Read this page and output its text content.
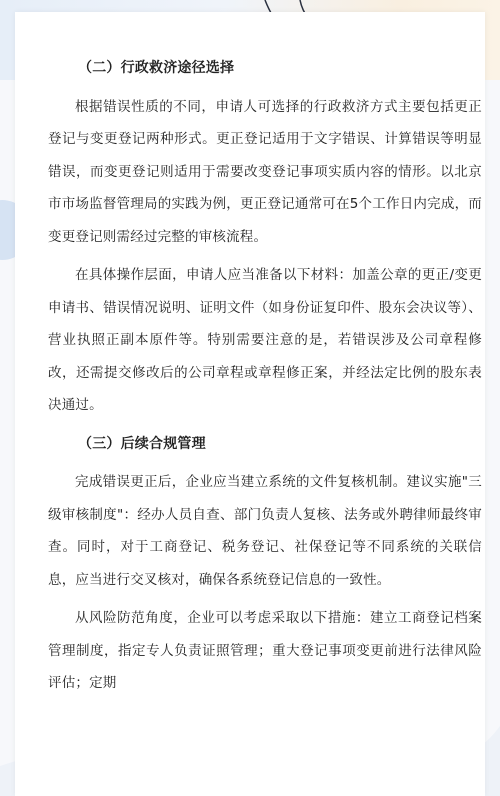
（二）行政救济途径选择

根据错误性质的不同，申请人可选择的行政救济方式主要包括更正登记与变更登记两种形式。更正登记适用于文字错误、计算错误等明显错误，而变更登记则适用于需要改变登记事项实质内容的情形。以北京市市场监督管理局的实践为例，更正登记通常可在5个工作日内完成，而变更登记则需经过完整的审核流程。

在具体操作层面，申请人应当准备以下材料：加盖公章的更正/变更申请书、错误情况说明、证明文件（如身份证复印件、股东会决议等）、营业执照正副本原件等。特别需要注意的是，若错误涉及公司章程修改，还需提交修改后的公司章程或章程修正案，并经法定比例的股东表决通过。

（三）后续合规管理

完成错误更正后，企业应当建立系统的文件复核机制。建议实施"三级审核制度"：经办人员自查、部门负责人复核、法务或外聘律师最终审查。同时，对于工商登记、税务登记、社保登记等不同系统的关联信息，应当进行交叉核对，确保各系统登记信息的一致性。

从风险防范角度，企业可以考虑采取以下措施：建立工商登记档案管理制度，指定专人负责证照管理；重大登记事项变更前进行法律风险评估；定期
